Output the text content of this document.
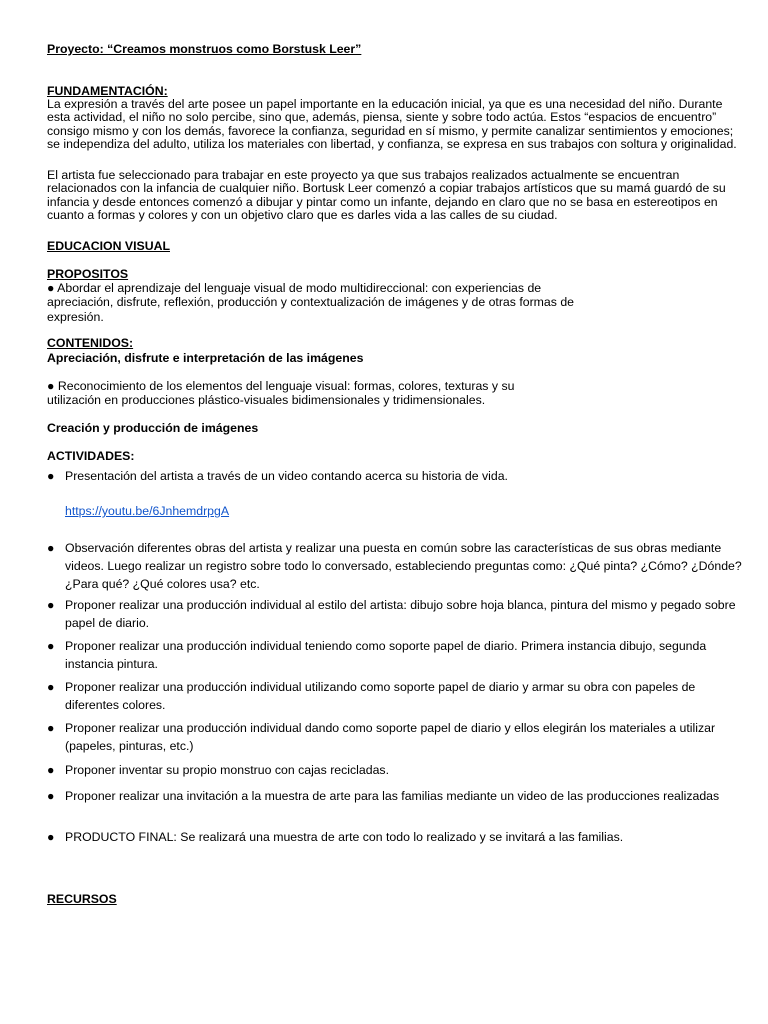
Proyecto: “Creamos monstruos como Borstusk Leer”

FUNDAMENTACIÓN:

La expresión a través del arte posee un papel importante en la educación inicial, ya que es una necesidad del niño. Durante esta actividad, el niño no solo percibe, sino que, además, piensa, siente y sobre todo actúa. Estos “espacios de encuentro” consigo mismo y con los demás, favorece la confianza, seguridad en sí mismo, y permite canalizar sentimientos y emociones; se independiza del adulto, utiliza los materiales con libertad, y confianza, se expresa en sus trabajos con soltura y originalidad.

El artista fue seleccionado para trabajar en este proyecto ya que sus trabajos realizados actualmente se encuentran relacionados con la infancia de cualquier niño. Bortusk Leer comenzó a copiar trabajos artísticos que su mamá guardó de su infancia y desde entonces comenzó a dibujar y pintar como un infante, dejando en claro que no se basa en estereotipos en cuanto a formas y colores y con un objetivo claro que es darles vida a las calles de su ciudad.

EDUCACION VISUAL

PROPOSITOS

● Abordar el aprendizaje del lenguaje visual de modo multidireccional: con experiencias de apreciación, disfrute, reflexión, producción y contextualización de imágenes y de otras formas de expresión.

CONTENIDOS:

Apreciación, disfrute e interpretación de las imágenes

● Reconocimiento de los elementos del lenguaje visual: formas, colores, texturas y su utilización en producciones plástico-visuales bidimensionales y tridimensionales.

Creación y producción de imágenes

ACTIVIDADES:

● Presentación del artista a través de un video contando acerca su historia de vida.
https://youtu.be/6JnhemdrpgA
● Observación diferentes obras del artista y realizar una puesta en común sobre las características de sus obras mediante videos. Luego realizar un registro sobre todo lo conversado, estableciendo preguntas como: ¿Qué pinta? ¿Cómo? ¿Dónde? ¿Para qué? ¿Qué colores usa? etc.
● Proponer realizar una producción individual al estilo del artista: dibujo sobre hoja blanca, pintura del mismo y pegado sobre papel de diario.
● Proponer realizar una producción individual teniendo como soporte papel de diario. Primera instancia dibujo, segunda instancia pintura.
● Proponer realizar una producción individual utilizando como soporte papel de diario y armar su obra con papeles de diferentes colores.
● Proponer realizar una producción individual dando como soporte papel de diario y ellos elegirán los materiales a utilizar (papeles, pinturas, etc.)
● Proponer inventar su propio monstruo con cajas recicladas.
● Proponer realizar una invitación a la muestra de arte para las familias mediante un video de las producciones realizadas
● PRODUCTO FINAL: Se realizará una muestra de arte con todo lo realizado y se invitará a las familias.

RECURSOS
